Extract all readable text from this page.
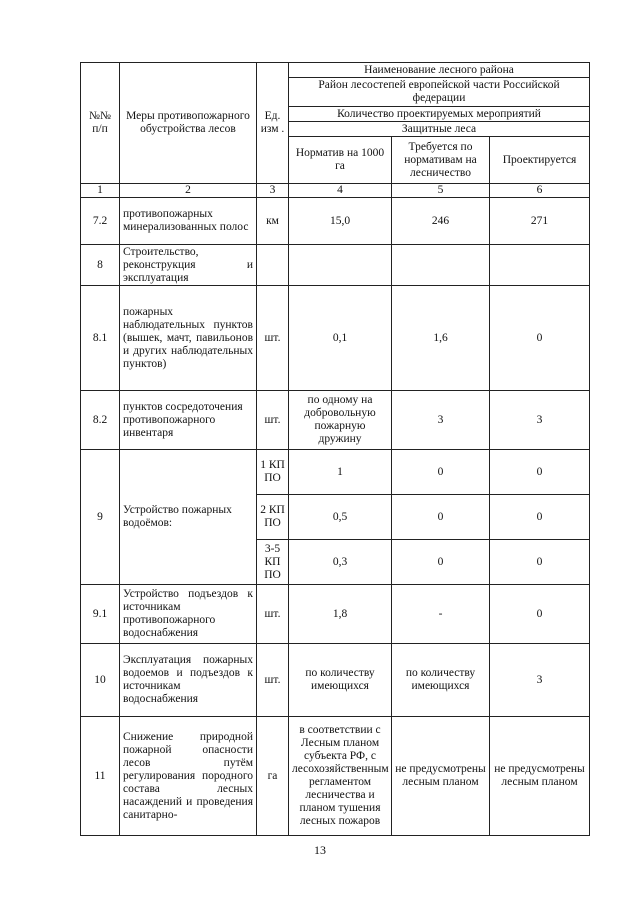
№№ п/п	Меры противопожарного обустройства лесов	Ед. изм .	Наименование лесного района		
			Район лесостепей европейской части Российской федерации		
			Количество проектируемых мероприятий		
			Защитные леса		
			Норматив на 1000 га	Требуется по нормативам на лесничество	Проектируется
1	2	3	4	5	6
7.2	противопожарных минерализованных полос	км	15,0	246	271
8	Строительство, реконструкция и эксплуатация				
8.1	пожарных наблюдательных пунктов (вышек, мачт, павильонов и других наблюдательных пунктов)	шт.	0,1	1,6	0
8.2	пунктов сосредоточения противопожарного инвентаря	шт.	по одному на добровольную пожарную дружину	3	3
9	Устройство пожарных водоёмов:	1 КП ПО	1	0	0
		2 КП ПО	0,5	0	0
		3-5 КП ПО	0,3	0	0
9.1	Устройство подъездов к источникам противопожарного водоснабжения	шт.	1,8	-	0
10	Эксплуатация пожарных водоемов и подъездов к источникам водоснабжения	шт.	по количеству имеющихся	по количеству имеющихся	3
11	Снижение природной пожарной опасности лесов путём регулирования породного состава лесных насаждений и проведения санитарно-	га	в соответствии с Лесным планом субъекта РФ, с лесохозяйственным регламентом лесничества и планом тушения лесных пожаров	не предусмотрены лесным планом	не предусмотрены лесным планом
13
